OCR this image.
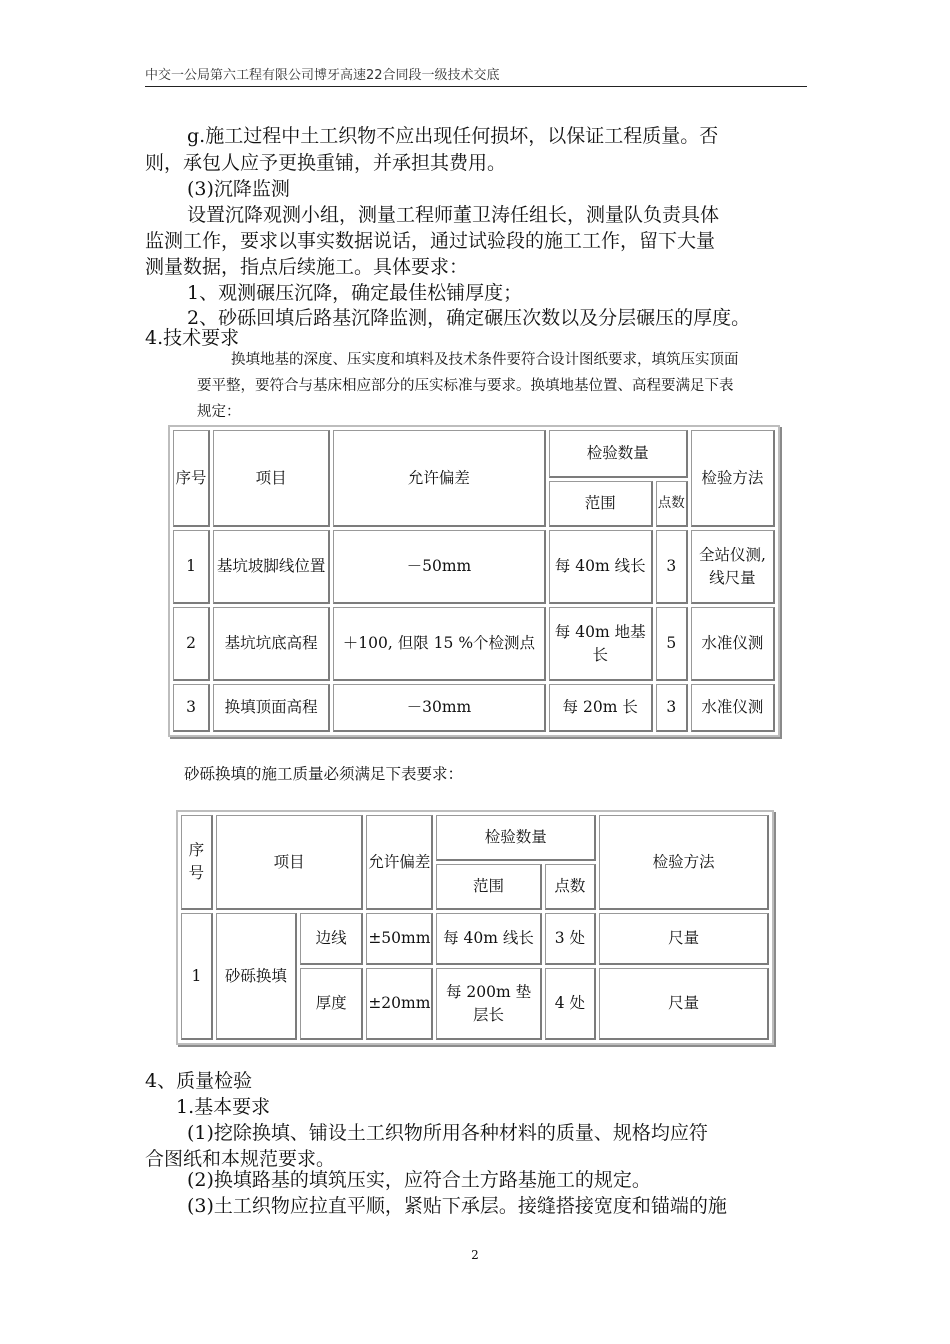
中交一公局第六工程有限公司博牙高速22合同段一级技术交底
g.施工过程中土工织物不应出现任何损坏，以保证工程质量。否
则，承包人应予更换重铺，并承担其费用。
(3)沉降监测
设置沉降观测小组，测量工程师董卫涛任组长，测量队负责具体
监测工作，要求以事实数据说话，通过试验段的施工工作，留下大量
测量数据，指点后续施工。具体要求：
1、观测碾压沉降，确定最佳松铺厚度；
2、砂砾回填后路基沉降监测，确定碾压次数以及分层碾压的厚度。
4.技术要求
换填地基的深度、压实度和填料及技术条件要符合设计图纸要求，填筑压实顶面
要平整，要符合与基床相应部分的压实标准与要求。换填地基位置、高程要满足下表
规定：
序号	项目	允许偏差	检验数量		检验方法
			范围	点数	
1	基坑坡脚线位置	－50mm	每 40m 线长	3	全站仪测,线尺量
2	基坑坑底高程	＋100, 但限 15 %个检测点	每 40m 地基长	5	水准仪测
3	换填顶面高程	－30mm	每 20m 长	3	水准仪测
砂砾换填的施工质量必须满足下表要求：
序号	项目		允许偏差	检验数量		检验方法
				范围	点数	
1	砂砾换填	边线	±50mm	每 40m 线长	3 处	尺量
		厚度	±20mm	每 200m 垫层长	4 处	尺量
4、质量检验
1.基本要求
(1)挖除换填、铺设土工织物所用各种材料的质量、规格均应符
合图纸和本规范要求。
(2)换填路基的填筑压实，应符合土方路基施工的规定。
(3)土工织物应拉直平顺，紧贴下承层。接缝搭接宽度和锚端的施
2
